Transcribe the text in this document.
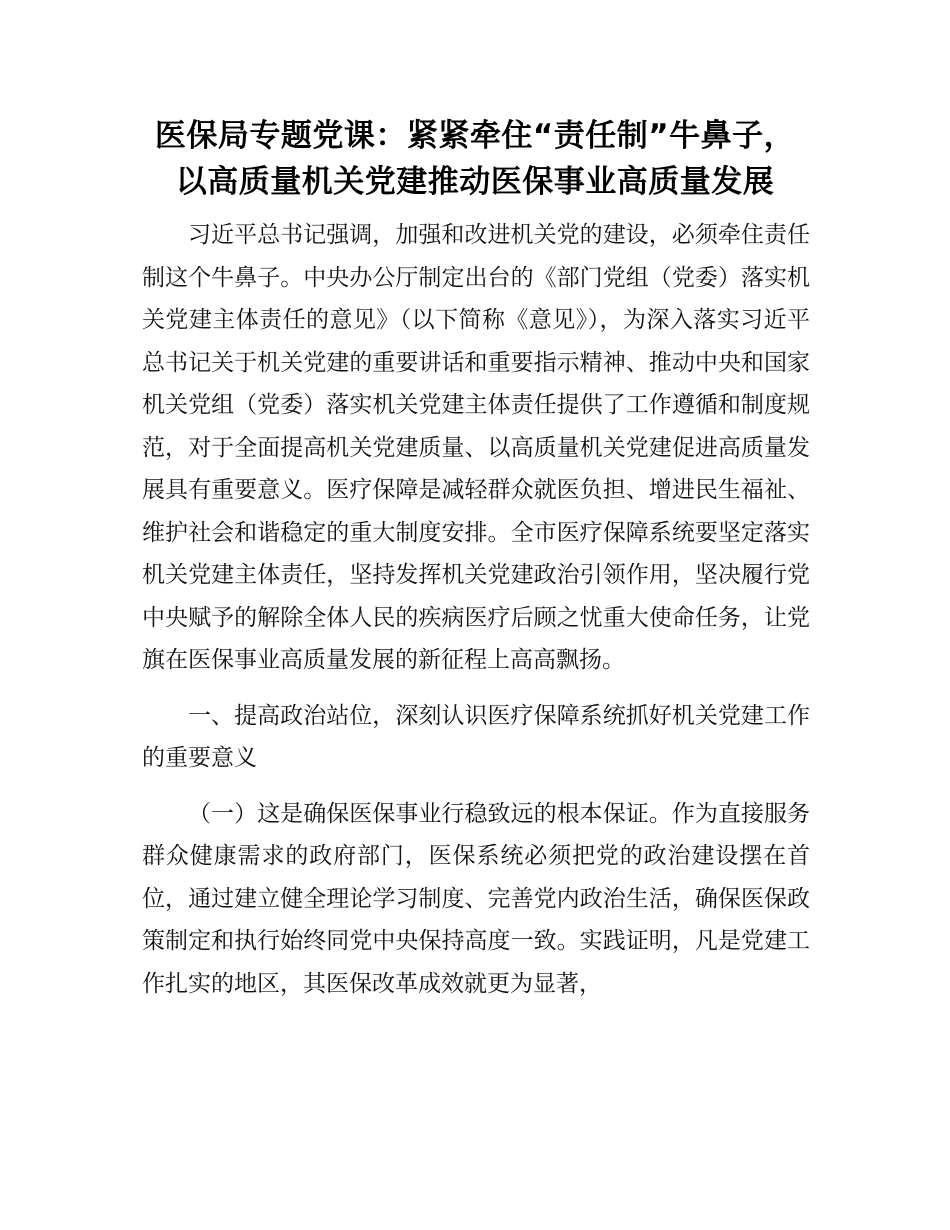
医保局专题党课：紧紧牵住“责任制”牛鼻子，
以高质量机关党建推动医保事业高质量发展

习近平总书记强调，加强和改进机关党的建设，必须牵住责任制这个牛鼻子。中央办公厅制定出台的《部门党组（党委）落实机关党建主体责任的意见》（以下简称《意见》），为深入落实习近平总书记关于机关党建的重要讲话和重要指示精神、推动中央和国家机关党组（党委）落实机关党建主体责任提供了工作遵循和制度规范，对于全面提高机关党建质量、以高质量机关党建促进高质量发展具有重要意义。医疗保障是减轻群众就医负担、增进民生福祉、维护社会和谐稳定的重大制度安排。全市医疗保障系统要坚定落实机关党建主体责任，坚持发挥机关党建政治引领作用，坚决履行党中央赋予的解除全体人民的疾病医疗后顾之忧重大使命任务，让党旗在医保事业高质量发展的新征程上高高飘扬。

一、提高政治站位，深刻认识医疗保障系统抓好机关党建工作的重要意义

（一）这是确保医保事业行稳致远的根本保证。作为直接服务群众健康需求的政府部门，医保系统必须把党的政治建设摆在首位，通过建立健全理论学习制度、完善党内政治生活，确保医保政策制定和执行始终同党中央保持高度一致。实践证明，凡是党建工作扎实的地区，其医保改革成效就更为显著，
